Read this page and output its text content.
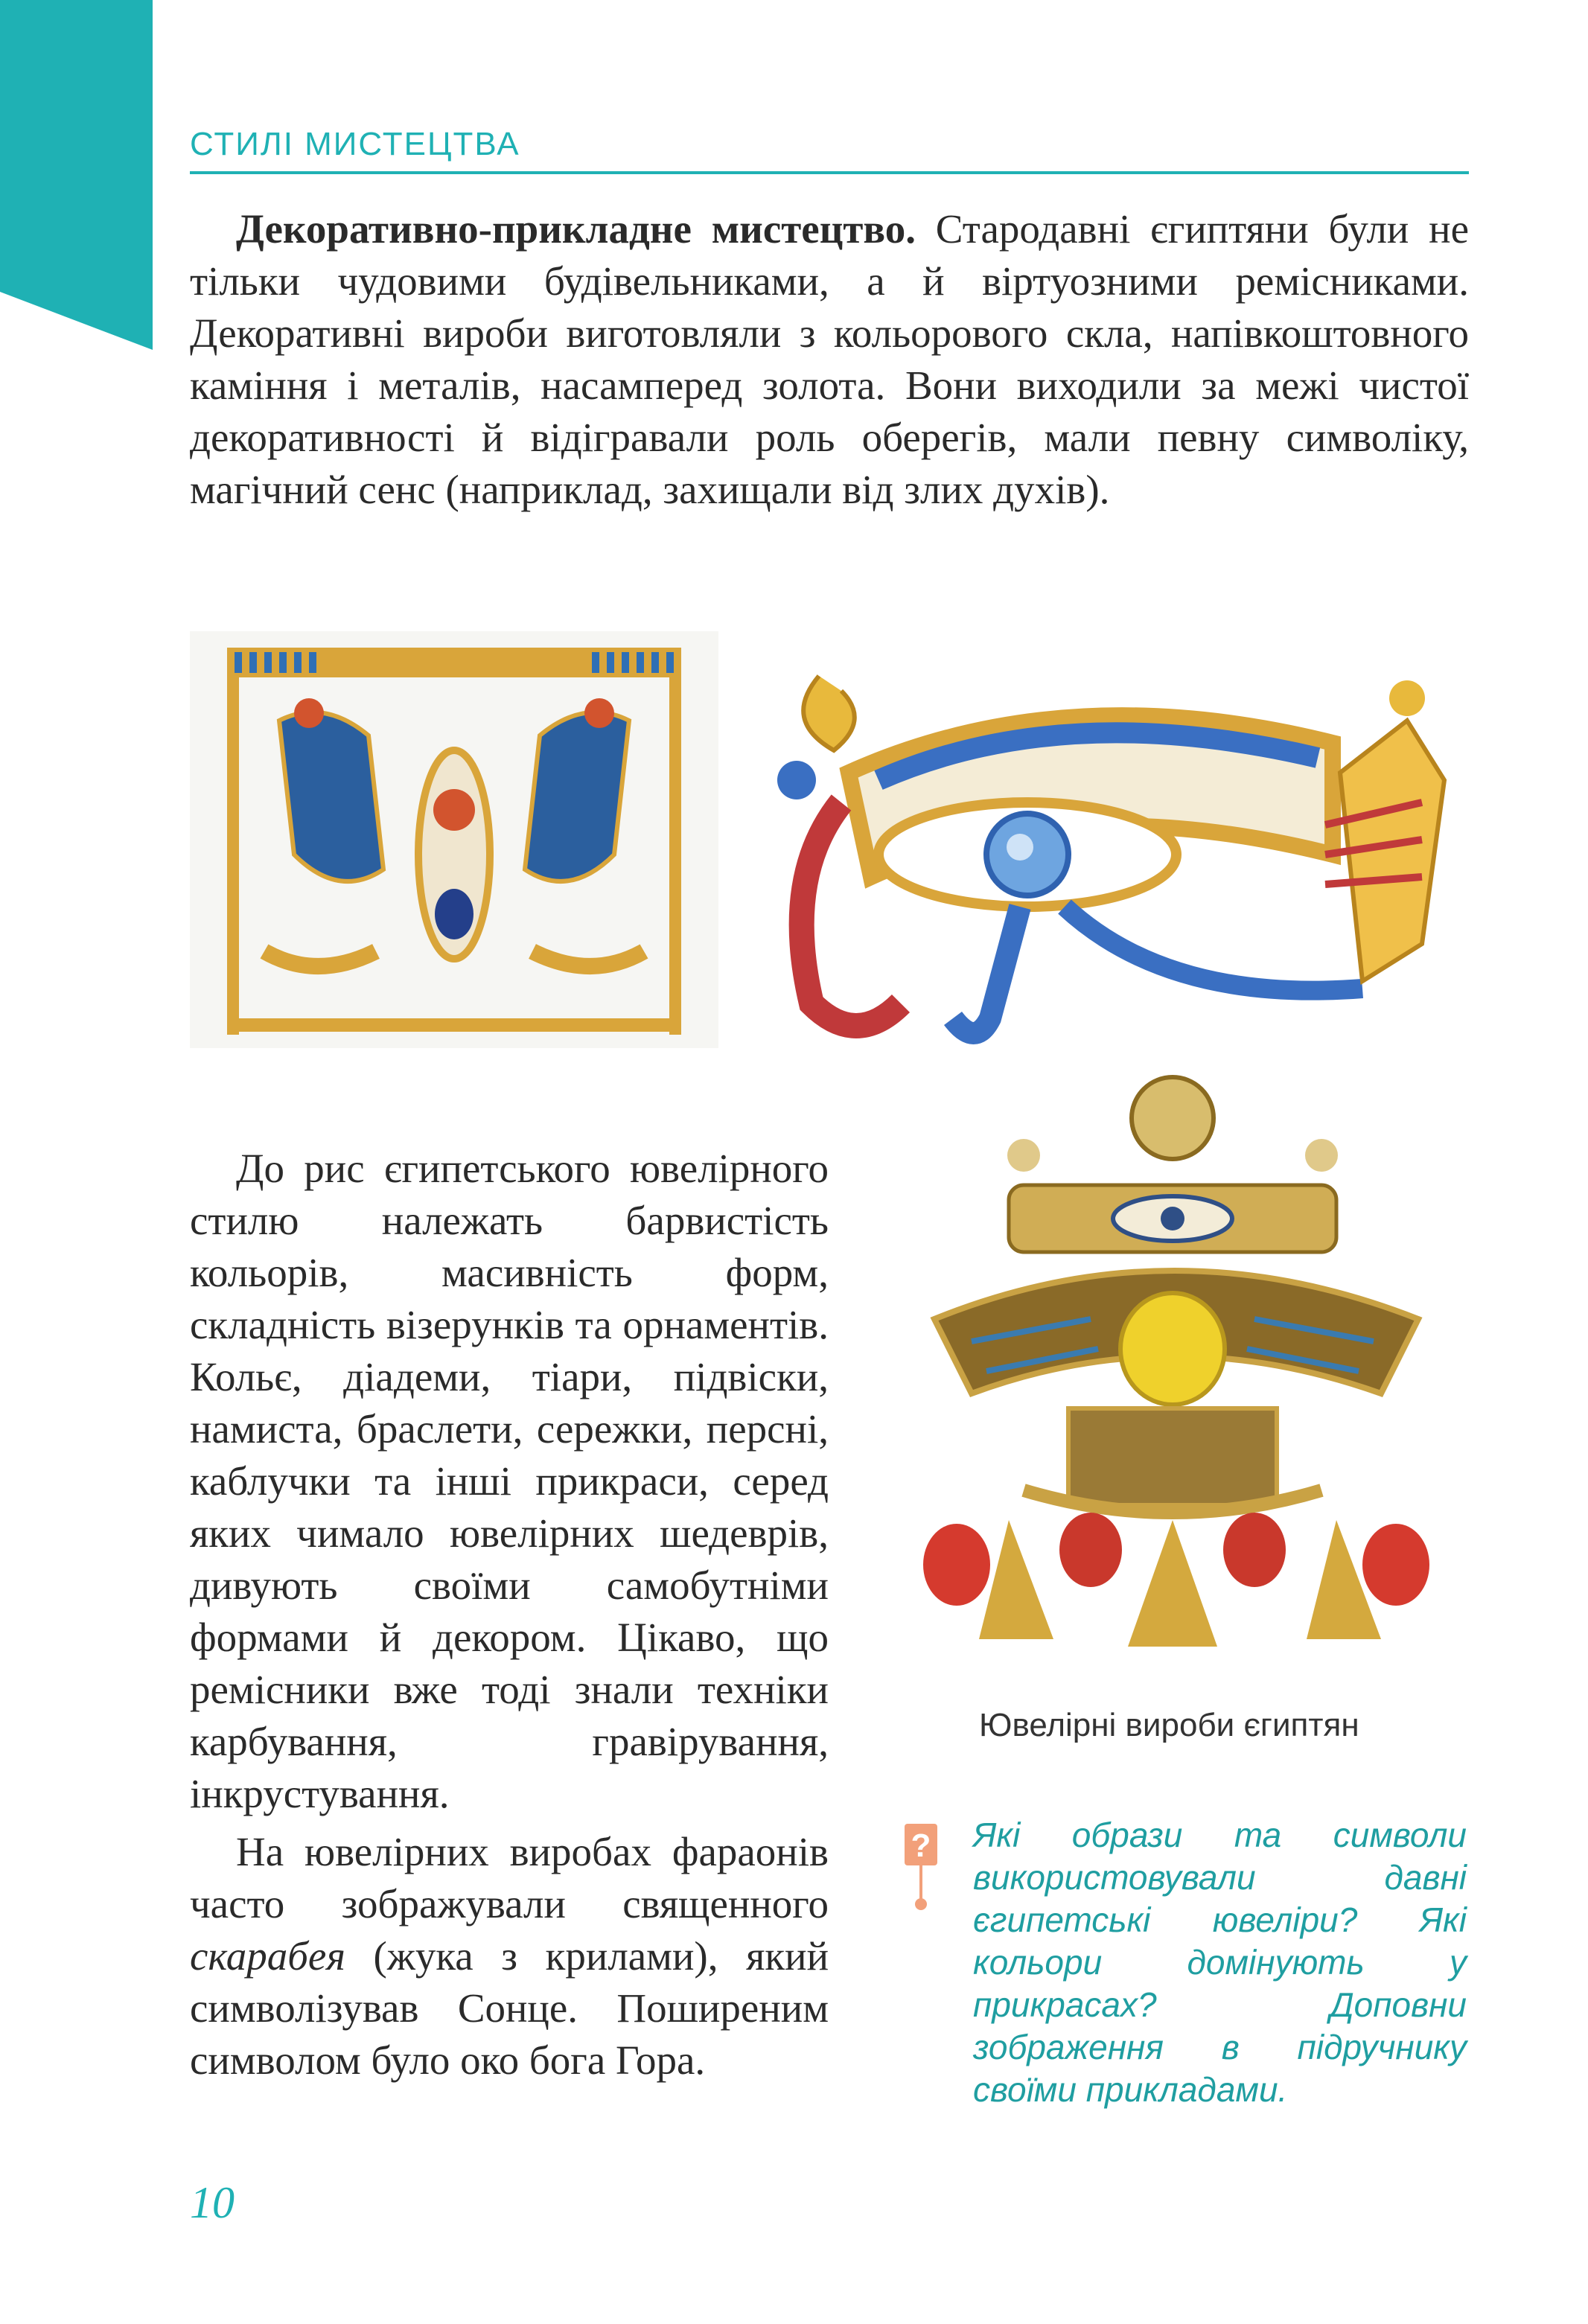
СТИЛІ МИСТЕЦТВА

Декоративно-прикладне мистецтво. Стародавні єгиптяни були не тільки чудовими будівельниками, а й віртуозними ремісниками. Декоративні вироби виготовляли з кольорового скла, напівкоштовного каміння і металів, насамперед золота. Вони виходили за межі чистої декоративності й відігравали роль оберегів, мали певну символіку, магічний сенс (наприклад, захищали від злих духів).

До рис єгипетського ювелірного стилю належать барвистість кольорів, масивність форм, складність візерунків та орнаментів. Кольє, діадеми, тіари, підвіски, намиста, браслети, сережки, персні, каблучки та інші прикраси, серед яких чимало ювелірних шедеврів, дивують своїми самобутніми формами й декором. Цікаво, що ремісники вже тоді знали техніки карбування, гравірування, інкрустування.

На ювелірних виробах фараонів часто зображували священного скарабея (жука з крилами), який символізував Сонце. Поширеним символом було око бога Гора.

Ювелірні вироби єгиптян
? Які образи та символи використовували давні єгипетські ювеліри? Які кольори домінують у прикрасах? Доповни зображення в підручнику своїми прикладами.

10
